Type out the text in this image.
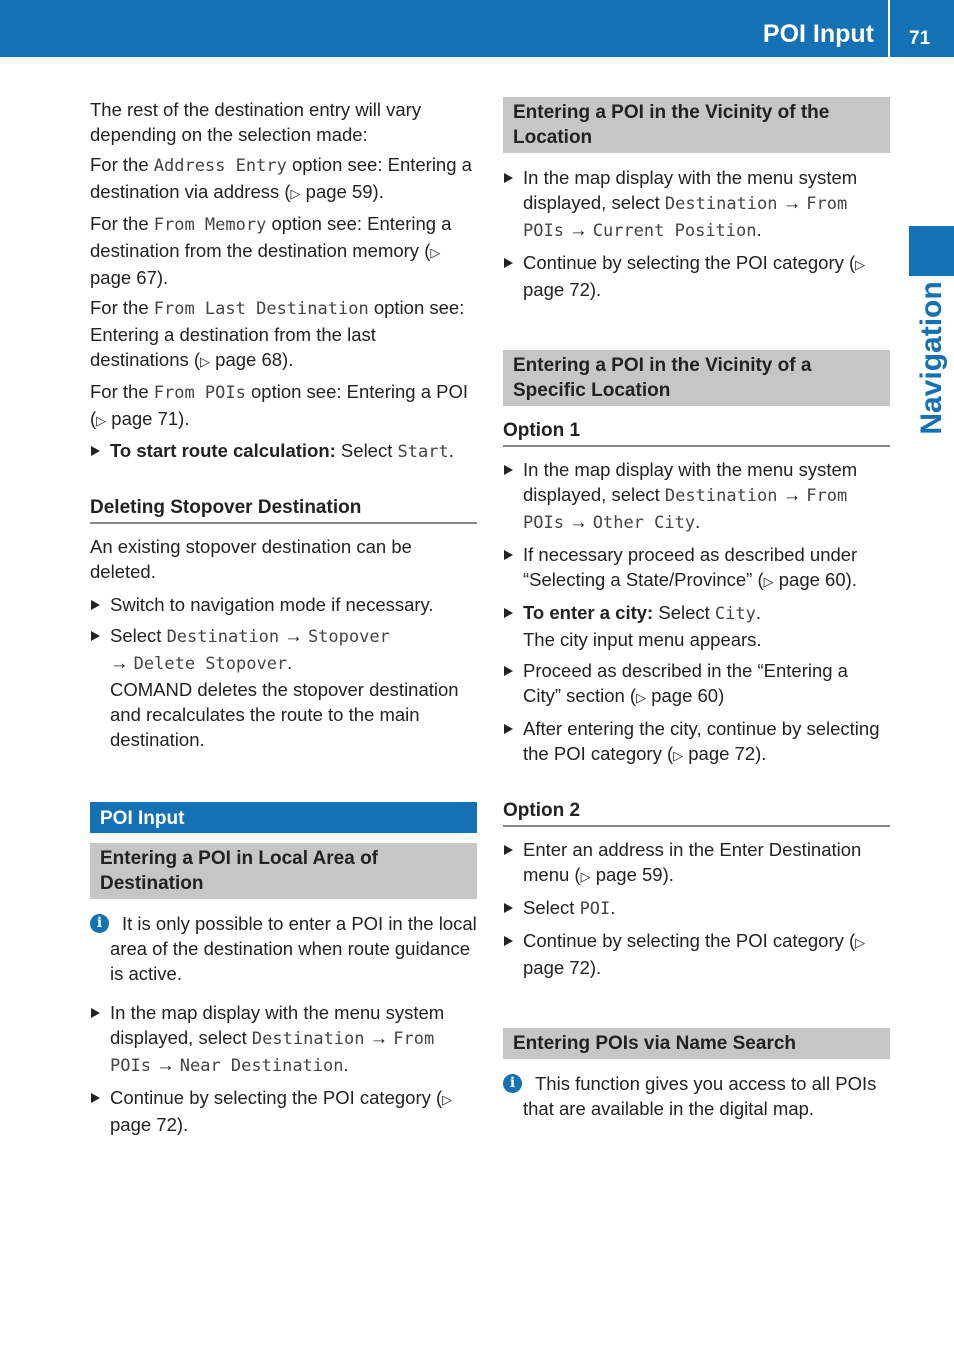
POI Input 71
Navigation

The rest of the destination entry will vary depending on the selection made:

For the Address Entry option see: Entering a destination via address (▷ page 59).

For the From Memory option see: Entering a destination from the destination memory (▷ page 67).

For the From Last Destination option see: Entering a destination from the last destinations (▷ page 68).

For the From POIs option see: Entering a POI (▷ page 71).

To start route calculation: Select Start.
Deleting Stopover Destination

An existing stopover destination can be deleted.

Switch to navigation mode if necessary.
Select Destination → Stopover
→ Delete Stopover.
COMAND deletes the stopover destination and recalculates the route to the main destination.
POI Input
Entering a POI in Local Area of Destination
i	It is only possible to enter a POI in the local area of the destination when route guidance is active.
In the map display with the menu system displayed, select Destination → From POIs → Near Destination.
Continue by selecting the POI category (▷ page 72).
Entering a POI in the Vicinity of the Location
In the map display with the menu system displayed, select Destination → From POIs → Current Position.
Continue by selecting the POI category (▷ page 72).
Entering a POI in the Vicinity of a Specific Location
Option 1
In the map display with the menu system displayed, select Destination → From POIs → Other City.
If necessary proceed as described under “Selecting a State/Province” (▷ page 60).
To enter a city: Select City.
The city input menu appears.
Proceed as described in the “Entering a City” section (▷ page 60)
After entering the city, continue by selecting the POI category (▷ page 72).
Option 2
Enter an address in the Enter Destination menu (▷ page 59).
Select POI.
Continue by selecting the POI category (▷ page 72).
Entering POIs via Name Search
i	This function gives you access to all POIs that are available in the digital map.
